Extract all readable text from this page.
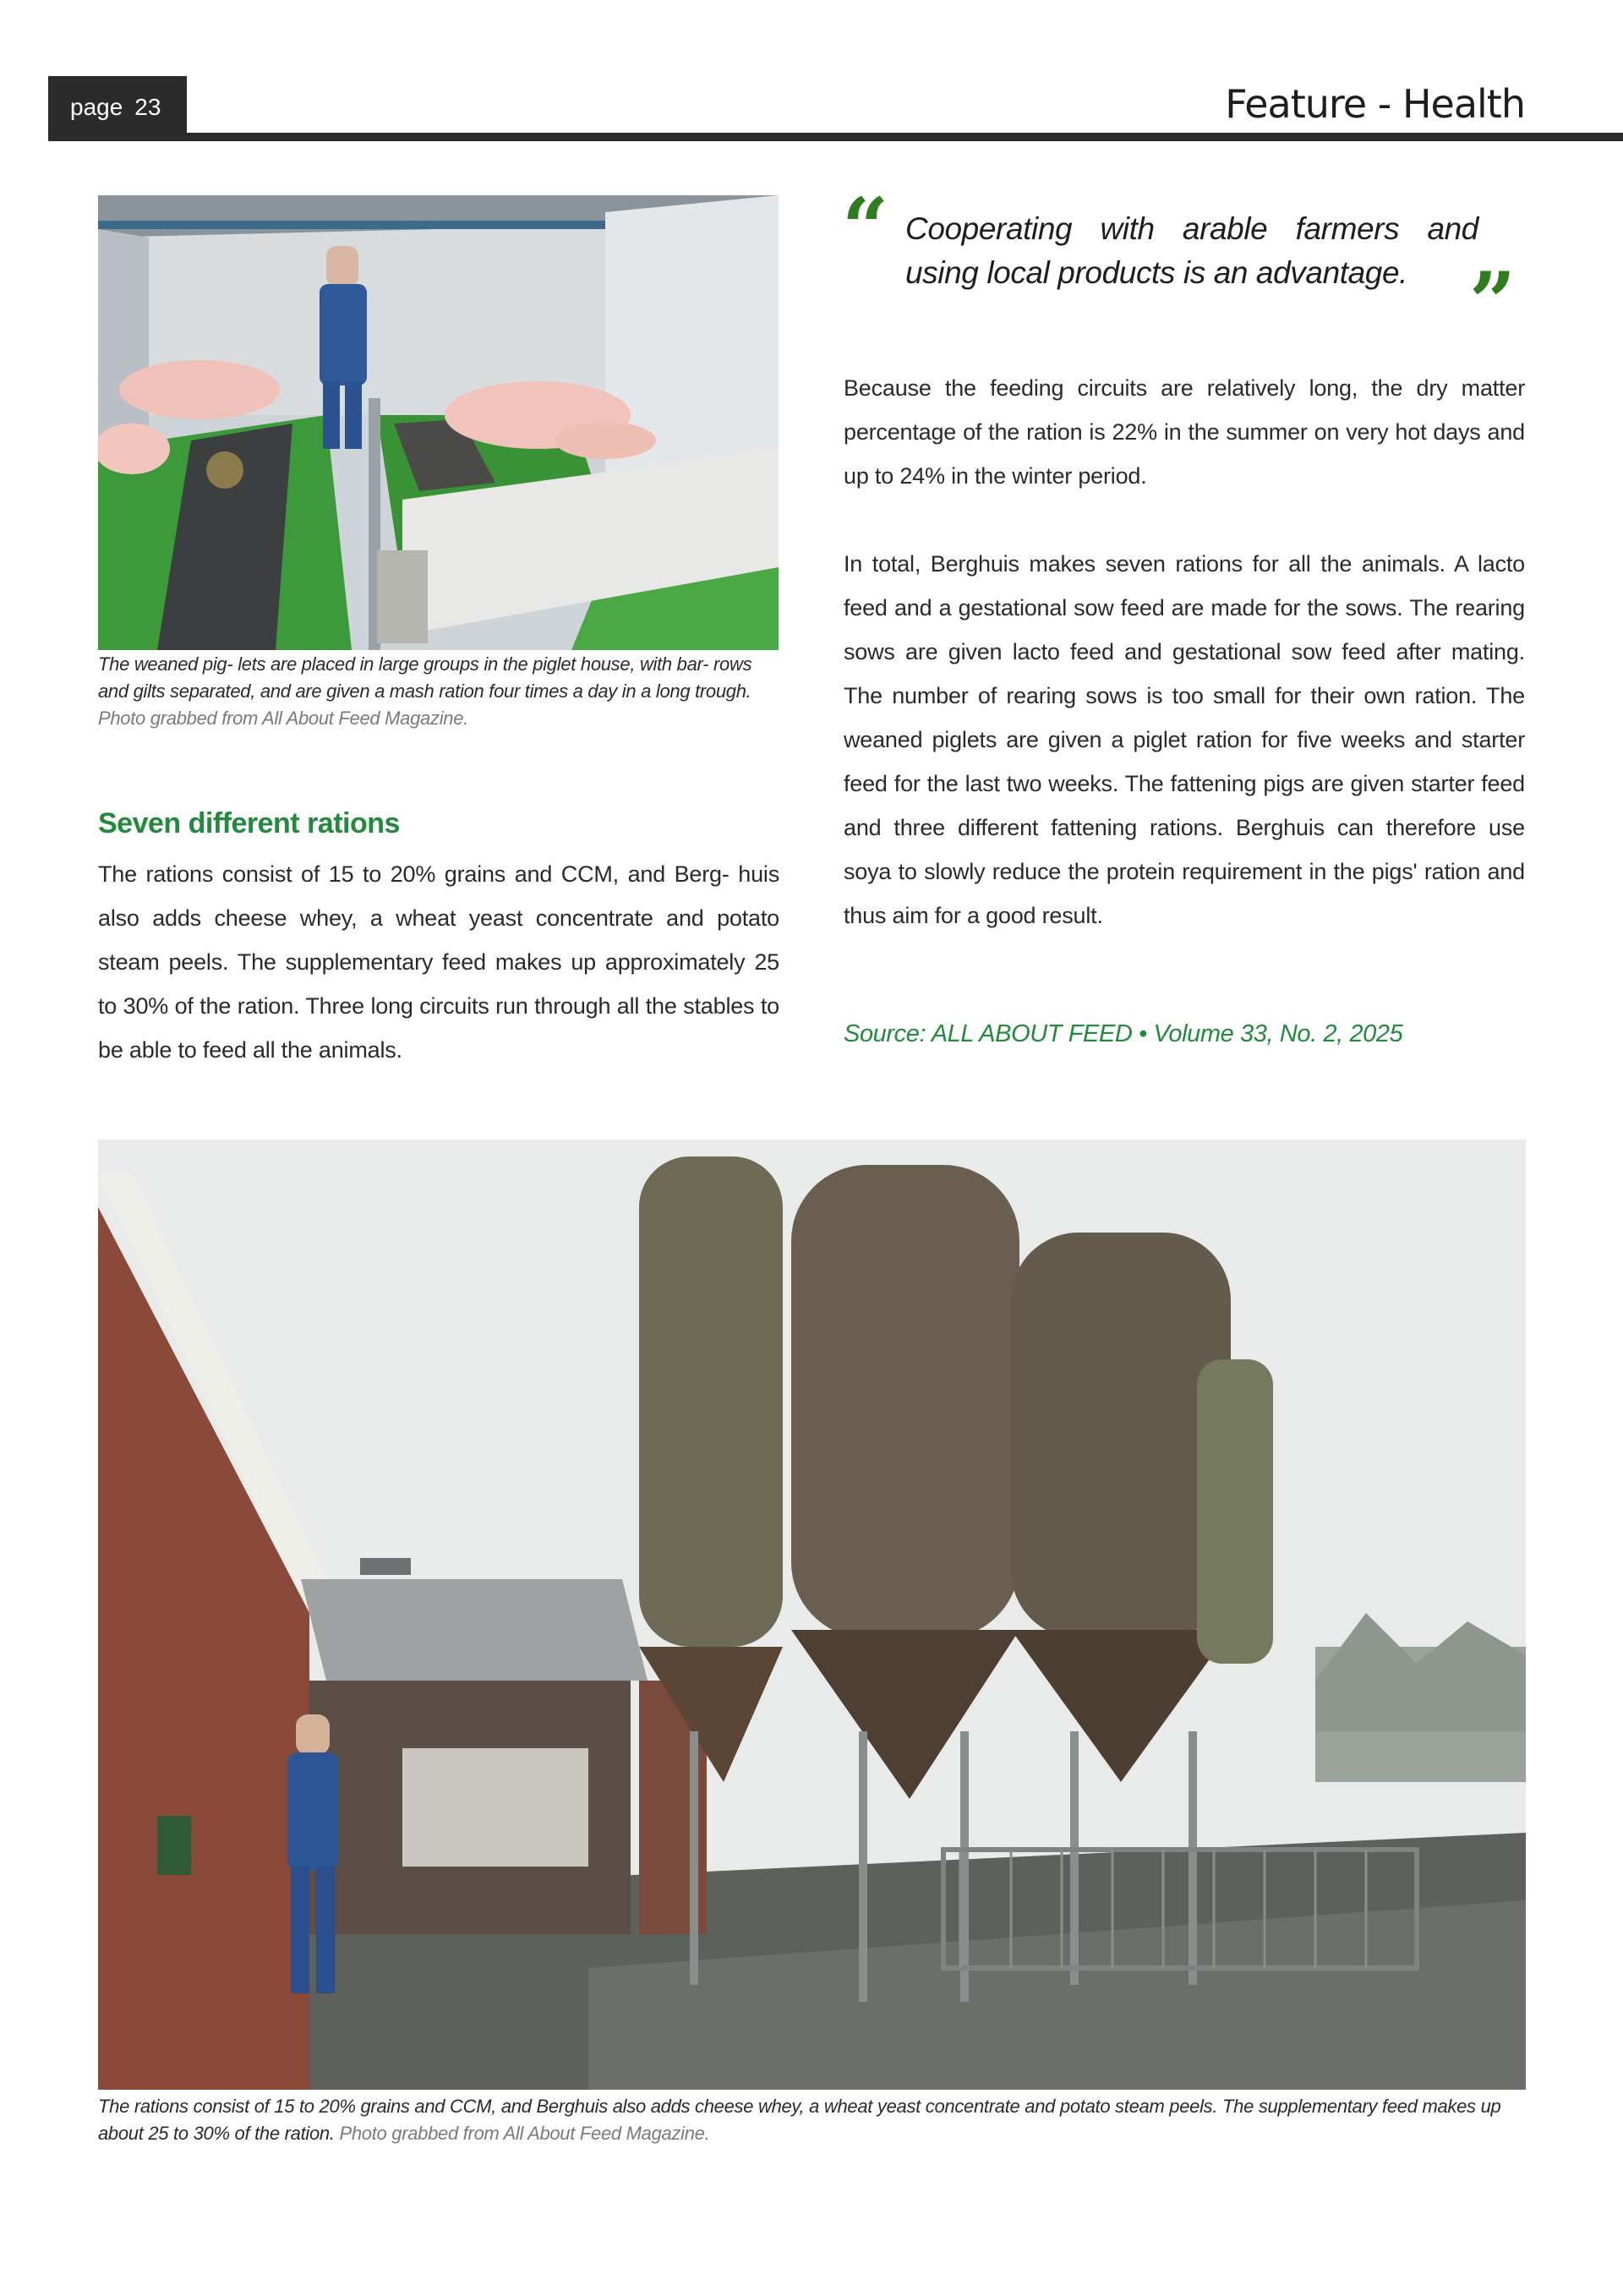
page 23	Feature - Health
The weaned pig- lets are placed in large groups in the piglet house, with bar- rows and gilts separated, and are given a mash ration four times a day in a long trough. Photo grabbed from All About Feed Magazine.
“ Cooperating with arable farmers and using local products is an advantage. ”

Because the feeding circuits are relatively long, the dry matter percentage of the ration is 22% in the summer on very hot days and up to 24% in the winter period.

In total, Berghuis makes seven rations for all the animals. A lacto feed and a gestational sow feed are made for the sows. The rearing sows are given lacto feed and gestational sow feed after mating. The number of rearing sows is too small for their own ration. The weaned piglets are given a piglet ration for five weeks and starter feed for the last two weeks. The fattening pigs are given starter feed and three different fattening rations. Berghuis can therefore use soya to slowly reduce the protein requirement in the pigs' ration and thus aim for a good result.

Seven different rations

The rations consist of 15 to 20% grains and CCM, and Berg- huis also adds cheese whey, a wheat yeast concentrate and potato steam peels. The supplementary feed makes up approximately 25 to 30% of the ration. Three long circuits run through all the stables to be able to feed all the animals.

Source: ALL ABOUT FEED • Volume 33, No. 2, 2025
The rations consist of 15 to 20% grains and CCM, and Berghuis also adds cheese whey, a wheat yeast concentrate and potato steam peels. The supplementary feed makes up about 25 to 30% of the ration. Photo grabbed from All About Feed Magazine.
